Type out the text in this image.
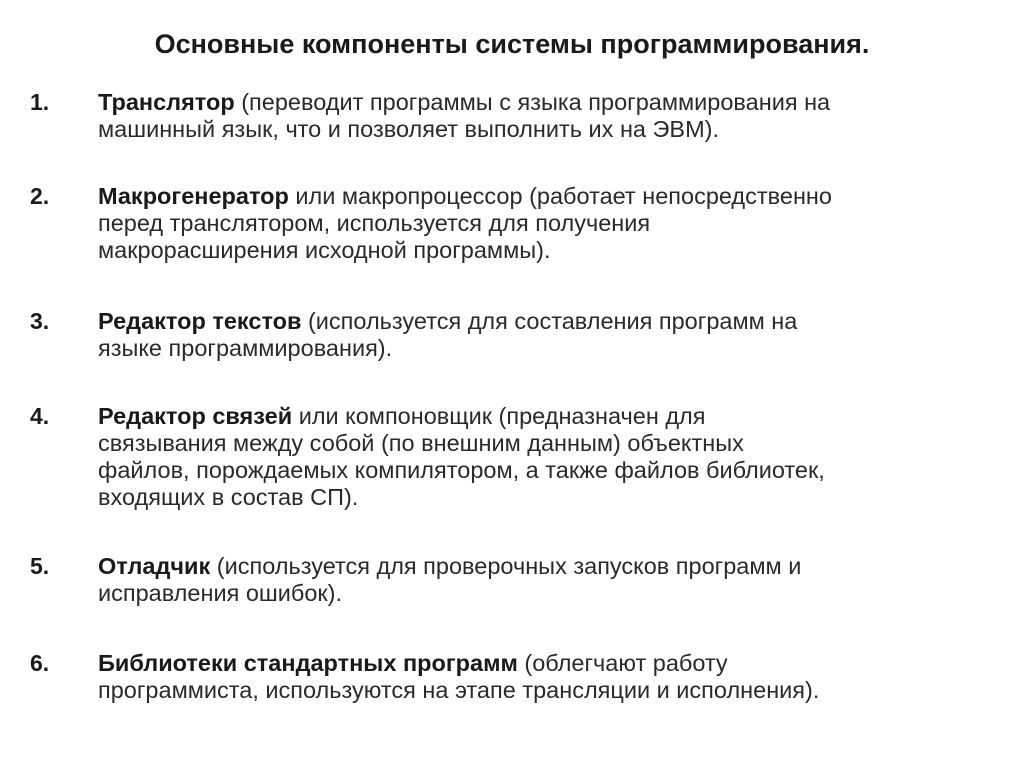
Основные компоненты системы программирования.
1. Транслятор (переводит программы с языка программирования на
машинный язык, что и позволяет выполнить их на ЭВМ).
2. Макрогенератор или макропроцессор (работает непосредственно
перед транслятором, используется для получения
макрорасширения исходной программы).
3. Редактор текстов (используется для составления программ на
языке программирования).
4. Редактор связей или компоновщик (предназначен для
связывания между собой (по внешним данным) объектных
файлов, порождаемых компилятором, а также файлов библиотек,
входящих в состав СП).
5. Отладчик (используется для проверочных запусков программ и
исправления ошибок).
6. Библиотеки стандартных программ (облегчают работу
программиста, используются на этапе трансляции и исполнения).
